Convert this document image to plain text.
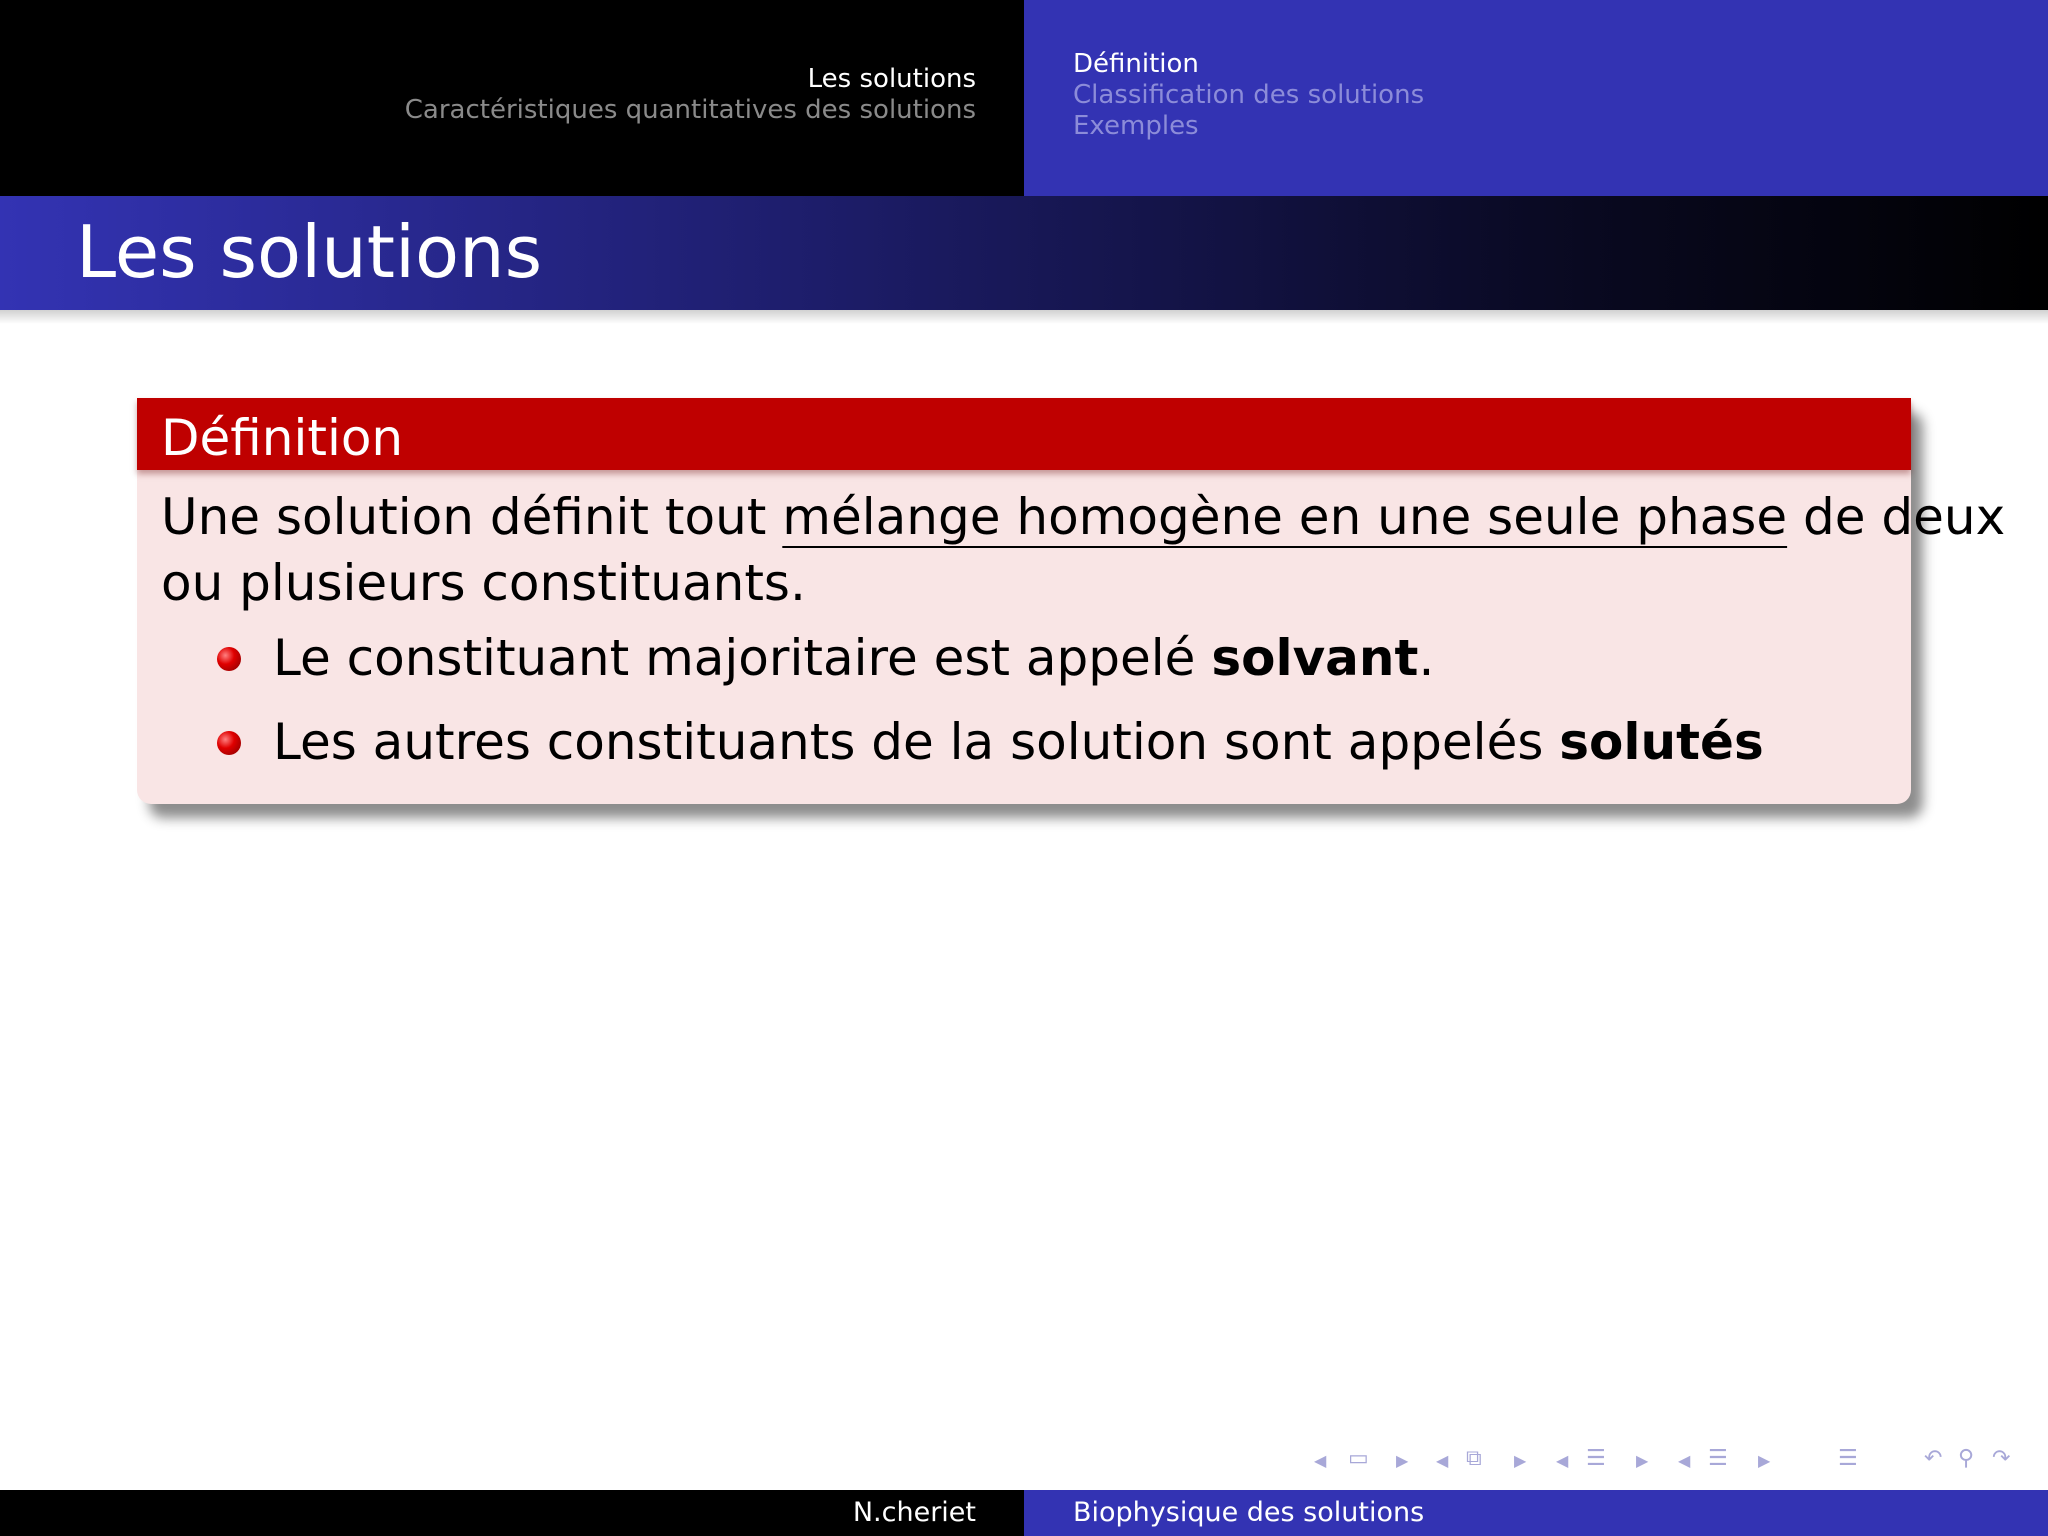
Les solutions
Caractéristiques quantitatives des solutions
Définition
Classification des solutions
Exemples
Les solutions
Définition
Une solution définit tout mélange homogène en une seule phase de deux
ou plusieurs constituants.
Le constituant majoritaire est appelé solvant.
Les autres constituants de la solution sont appelés solutés
◀ ▭ ▶ ◀ ⧉ ▶ ◀ ☰ ▶ ◀ ☰ ▶	☰	↶ ⚲ ↷
N.cheriet	Biophysique des solutions
